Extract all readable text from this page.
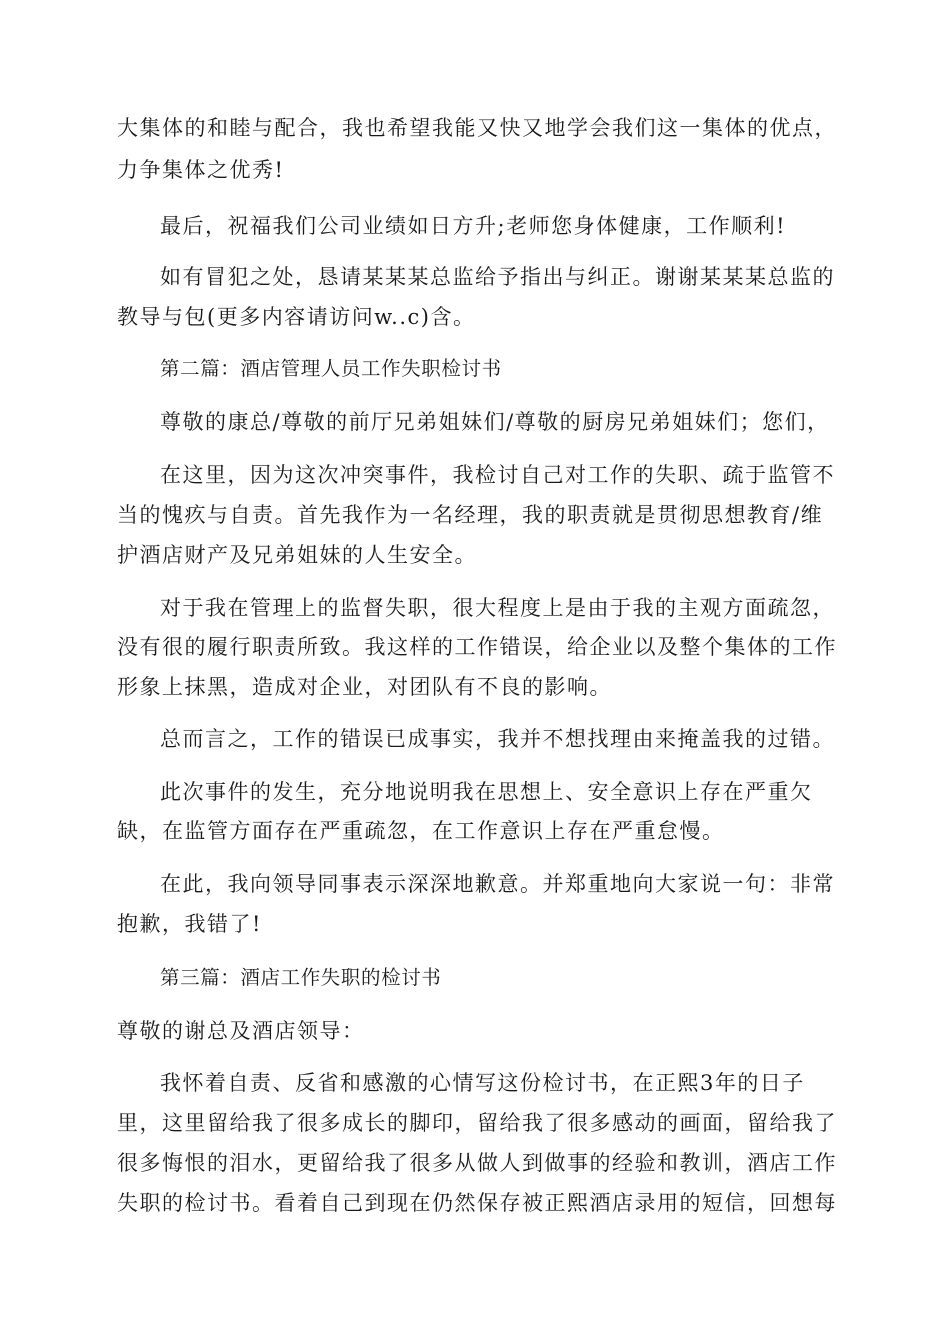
大集体的和睦与配合，我也希望我能又快又地学会我们这一集体的优点，
力争集体之优秀!
最后，祝福我们公司业绩如日方升;老师您身体健康，工作顺利!
如有冒犯之处，恳请某某某总监给予指出与纠正。谢谢某某某总监的
教导与包(更多内容请访问w..c)含。
第二篇：酒店管理人员工作失职检讨书
尊敬的康总/尊敬的前厅兄弟姐妹们/尊敬的厨房兄弟姐妹们；您们，
在这里，因为这次冲突事件，我检讨自己对工作的失职、疏于监管不
当的愧疚与自责。首先我作为一名经理，我的职责就是贯彻思想教育/维
护酒店财产及兄弟姐妹的人生安全。
对于我在管理上的监督失职，很大程度上是由于我的主观方面疏忽，
没有很的履行职责所致。我这样的工作错误，给企业以及整个集体的工作
形象上抹黑，造成对企业，对团队有不良的影响。
总而言之，工作的错误已成事实，我并不想找理由来掩盖我的过错。
此次事件的发生，充分地说明我在思想上、安全意识上存在严重欠
缺，在监管方面存在严重疏忽，在工作意识上存在严重怠慢。
在此，我向领导同事表示深深地歉意。并郑重地向大家说一句：非常
抱歉，我错了!
第三篇：酒店工作失职的检讨书
尊敬的谢总及酒店领导：
我怀着自责、反省和感激的心情写这份检讨书，在正熙3年的日子
里，这里留给我了很多成长的脚印，留给我了很多感动的画面，留给我了
很多悔恨的泪水，更留给我了很多从做人到做事的经验和教训，酒店工作
失职的检讨书。看着自己到现在仍然保存被正熙酒店录用的短信，回想每
